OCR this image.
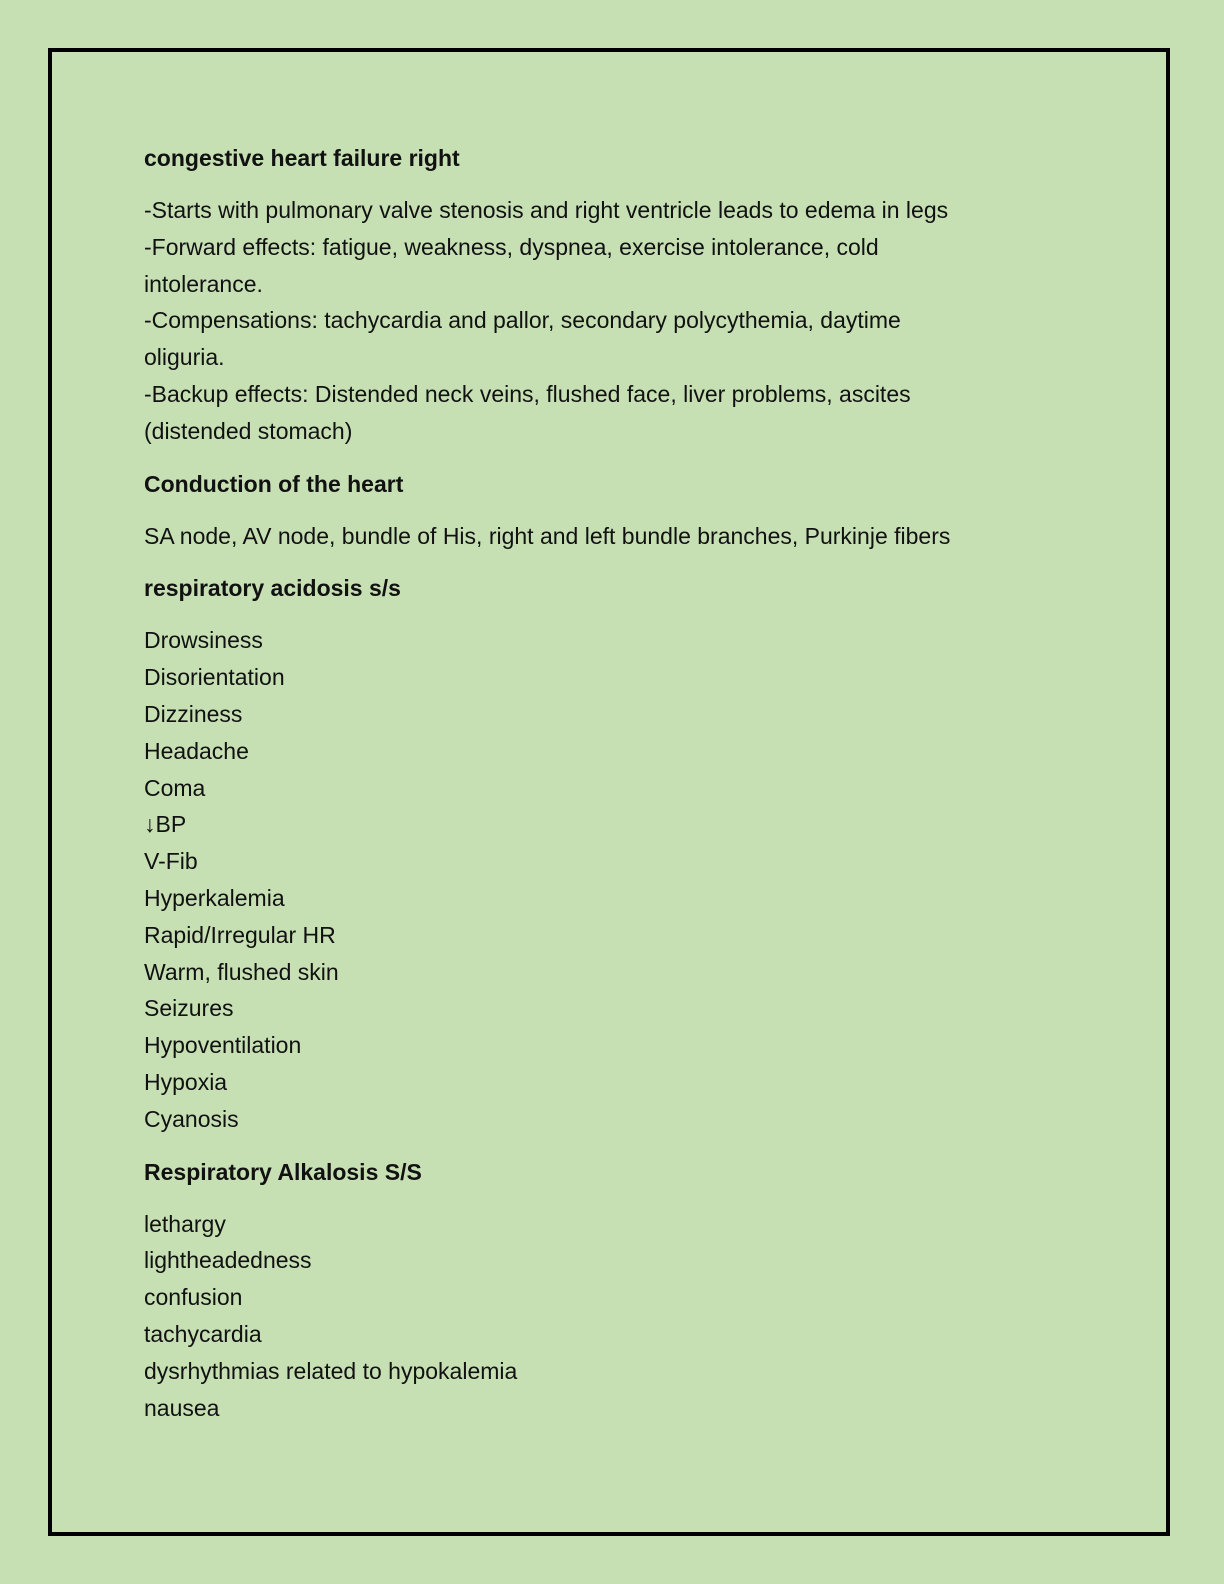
congestive heart failure right
-Starts with pulmonary valve stenosis and right ventricle leads to edema in legs
-Forward effects: fatigue, weakness, dyspnea, exercise intolerance, cold
intolerance.
-Compensations: tachycardia and pallor, secondary polycythemia, daytime
oliguria.
-Backup effects: Distended neck veins, flushed face, liver problems, ascites
(distended stomach)
Conduction of the heart
SA node, AV node, bundle of His, right and left bundle branches, Purkinje fibers
respiratory acidosis s/s
Drowsiness
Disorientation
Dizziness
Headache
Coma
↓BP
V-Fib
Hyperkalemia
Rapid/Irregular HR
Warm, flushed skin
Seizures
Hypoventilation
Hypoxia
Cyanosis
Respiratory Alkalosis S/S
lethargy
lightheadedness
confusion
tachycardia
dysrhythmias related to hypokalemia
nausea
